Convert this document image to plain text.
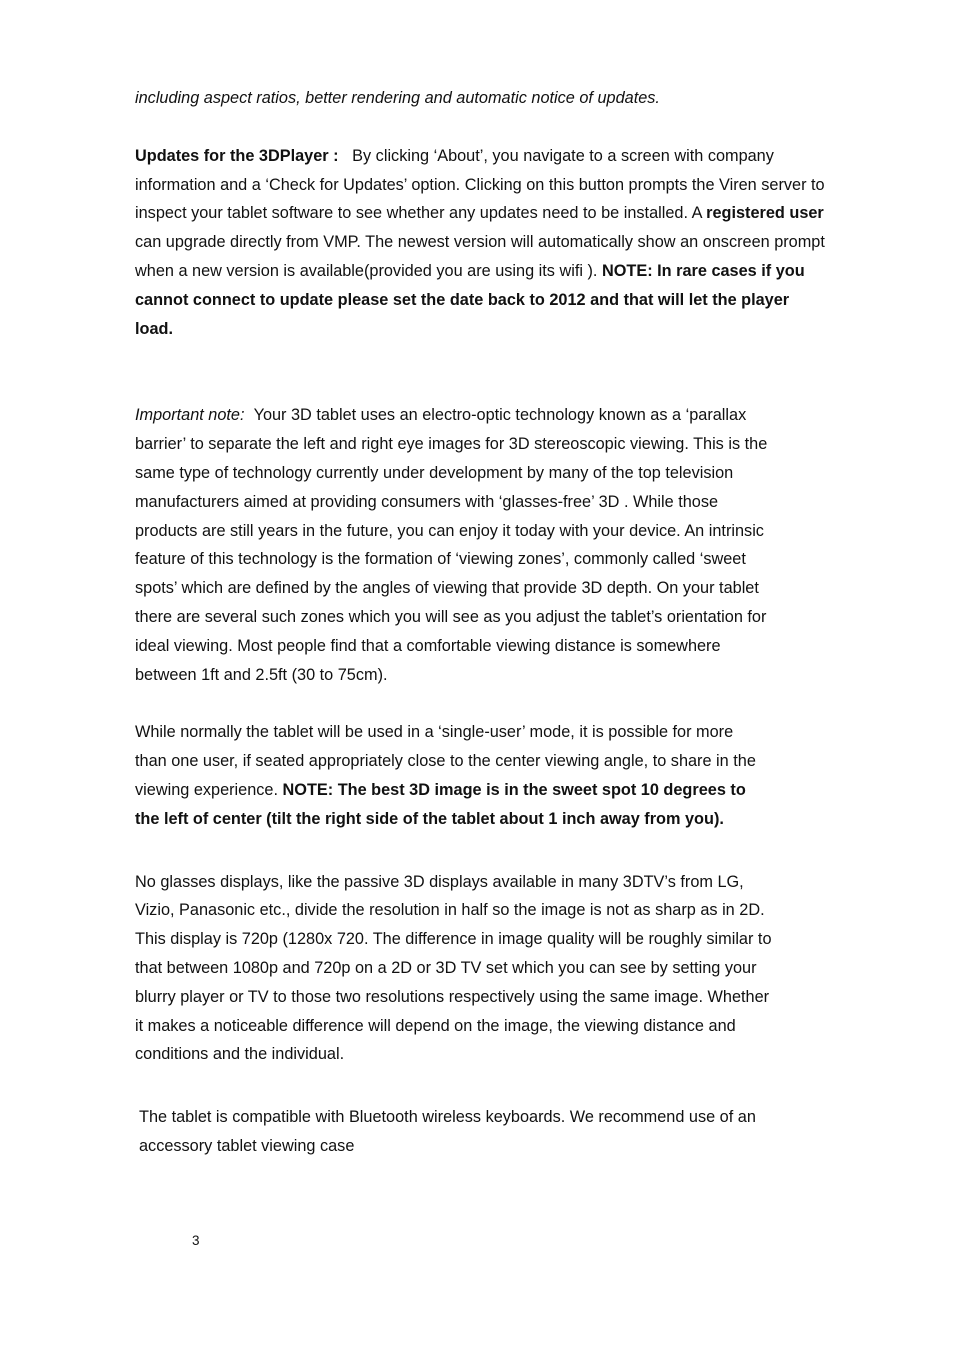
including aspect ratios, better rendering and automatic notice of updates.

Updates for the 3DPlayer : By clicking ‘About’, you navigate to a screen with company information and a ‘Check for Updates’ option. Clicking on this button prompts the Viren server to inspect your tablet software to see whether any updates need to be installed. A registered user can upgrade directly from VMP. The newest version will automatically show an onscreen prompt when a new version is available(provided you are using its wifi ). NOTE: In rare cases if you cannot connect to update please set the date back to 2012 and that will let the player load.

Important note: Your 3D tablet uses an electro-optic technology known as a ‘parallax barrier’ to separate the left and right eye images for 3D stereoscopic viewing. This is the same type of technology currently under development by many of the top television manufacturers aimed at providing consumers with ‘glasses-free’ 3D . While those products are still years in the future, you can enjoy it today with your device. An intrinsic feature of this technology is the formation of ‘viewing zones’, commonly called ‘sweet spots’ which are defined by the angles of viewing that provide 3D depth. On your tablet there are several such zones which you will see as you adjust the tablet’s orientation for ideal viewing. Most people find that a comfortable viewing distance is somewhere between 1ft and 2.5ft (30 to 75cm).

While normally the tablet will be used in a ‘single-user’ mode, it is possible for more than one user, if seated appropriately close to the center viewing angle, to share in the viewing experience. NOTE: The best 3D image is in the sweet spot 10 degrees to the left of center (tilt the right side of the tablet about 1 inch away from you).

No glasses displays, like the passive 3D displays available in many 3DTV’s from LG, Vizio, Panasonic etc., divide the resolution in half so the image is not as sharp as in 2D. This display is 720p (1280x 720. The difference in image quality will be roughly similar to that between 1080p and 720p on a 2D or 3D TV set which you can see by setting your blurry player or TV to those two resolutions respectively using the same image. Whether it makes a noticeable difference will depend on the image, the viewing distance and conditions and the individual.

The tablet is compatible with Bluetooth wireless keyboards. We recommend use of an accessory tablet viewing case

3
